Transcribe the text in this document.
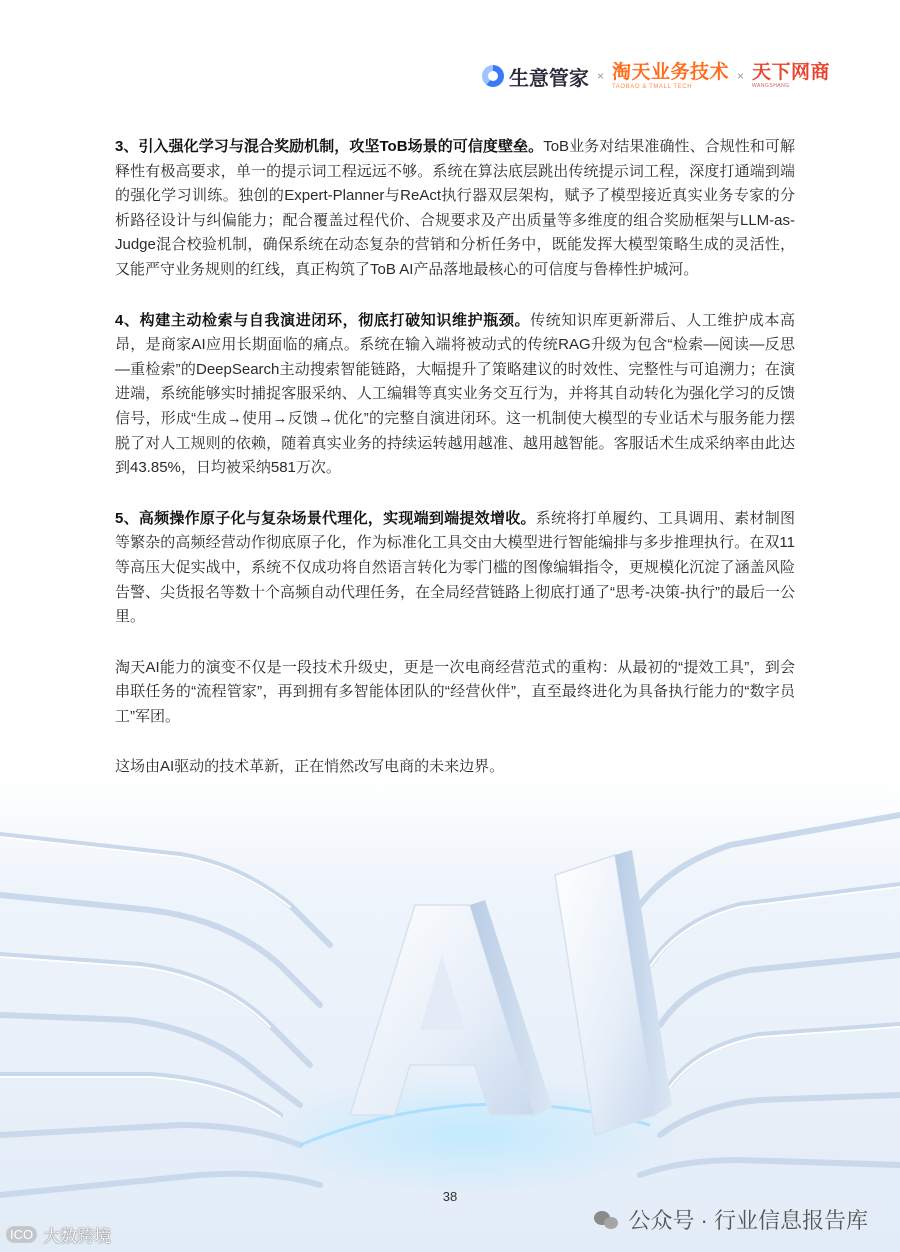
生意管家 × 淘天业务技术
TAOBAO & TMALL TECH
× 天下网商
WANGSHANG

3、引入强化学习与混合奖励机制，攻坚ToB场景的可信度壁垒。ToB业务对结果准确性、合规性和可解释性有极高要求，单一的提示词工程远远不够。系统在算法底层跳出传统提示词工程，深度打通端到端的强化学习训练。独创的Expert-Planner与ReAct执行器双层架构，赋予了模型接近真实业务专家的分析路径设计与纠偏能力；配合覆盖过程代价、合规要求及产出质量等多维度的组合奖励框架与LLM-as-Judge混合校验机制，确保系统在动态复杂的营销和分析任务中，既能发挥大模型策略生成的灵活性，又能严守业务规则的红线，真正构筑了ToB AI产品落地最核心的可信度与鲁棒性护城河。

4、构建主动检索与自我演进闭环，彻底打破知识维护瓶颈。传统知识库更新滞后、人工维护成本高昂，是商家AI应用长期面临的痛点。系统在输入端将被动式的传统RAG升级为包含“检索—阅读—反思—重检索”的DeepSearch主动搜索智能链路，大幅提升了策略建议的时效性、完整性与可追溯力；在演进端，系统能够实时捕捉客服采纳、人工编辑等真实业务交互行为，并将其自动转化为强化学习的反馈信号，形成“生成→使用→反馈→优化”的完整自演进闭环。这一机制使大模型的专业话术与服务能力摆脱了对人工规则的依赖，随着真实业务的持续运转越用越准、越用越智能。客服话术生成采纳率由此达到43.85%，日均被采纳581万次。

5、高频操作原子化与复杂场景代理化，实现端到端提效增收。系统将打单履约、工具调用、素材制图等繁杂的高频经营动作彻底原子化，作为标准化工具交由大模型进行智能编排与多步推理执行。在双11等高压大促实战中，系统不仅成功将自然语言转化为零门槛的图像编辑指令，更规模化沉淀了涵盖风险告警、尖货报名等数十个高频自动代理任务，在全局经营链路上彻底打通了“思考-决策-执行”的最后一公里。

淘天AI能力的演变不仅是一段技术升级史，更是一次电商经营范式的重构：从最初的“提效工具”，到会串联任务的“流程管家”，再到拥有多智能体团队的“经营伙伴”，直至最终进化为具备执行能力的“数字员工”军团。

这场由AI驱动的技术革新，正在悄然改写电商的未来边界。

38
公众号 · 行业信息报告库
ICO 大数跨境
